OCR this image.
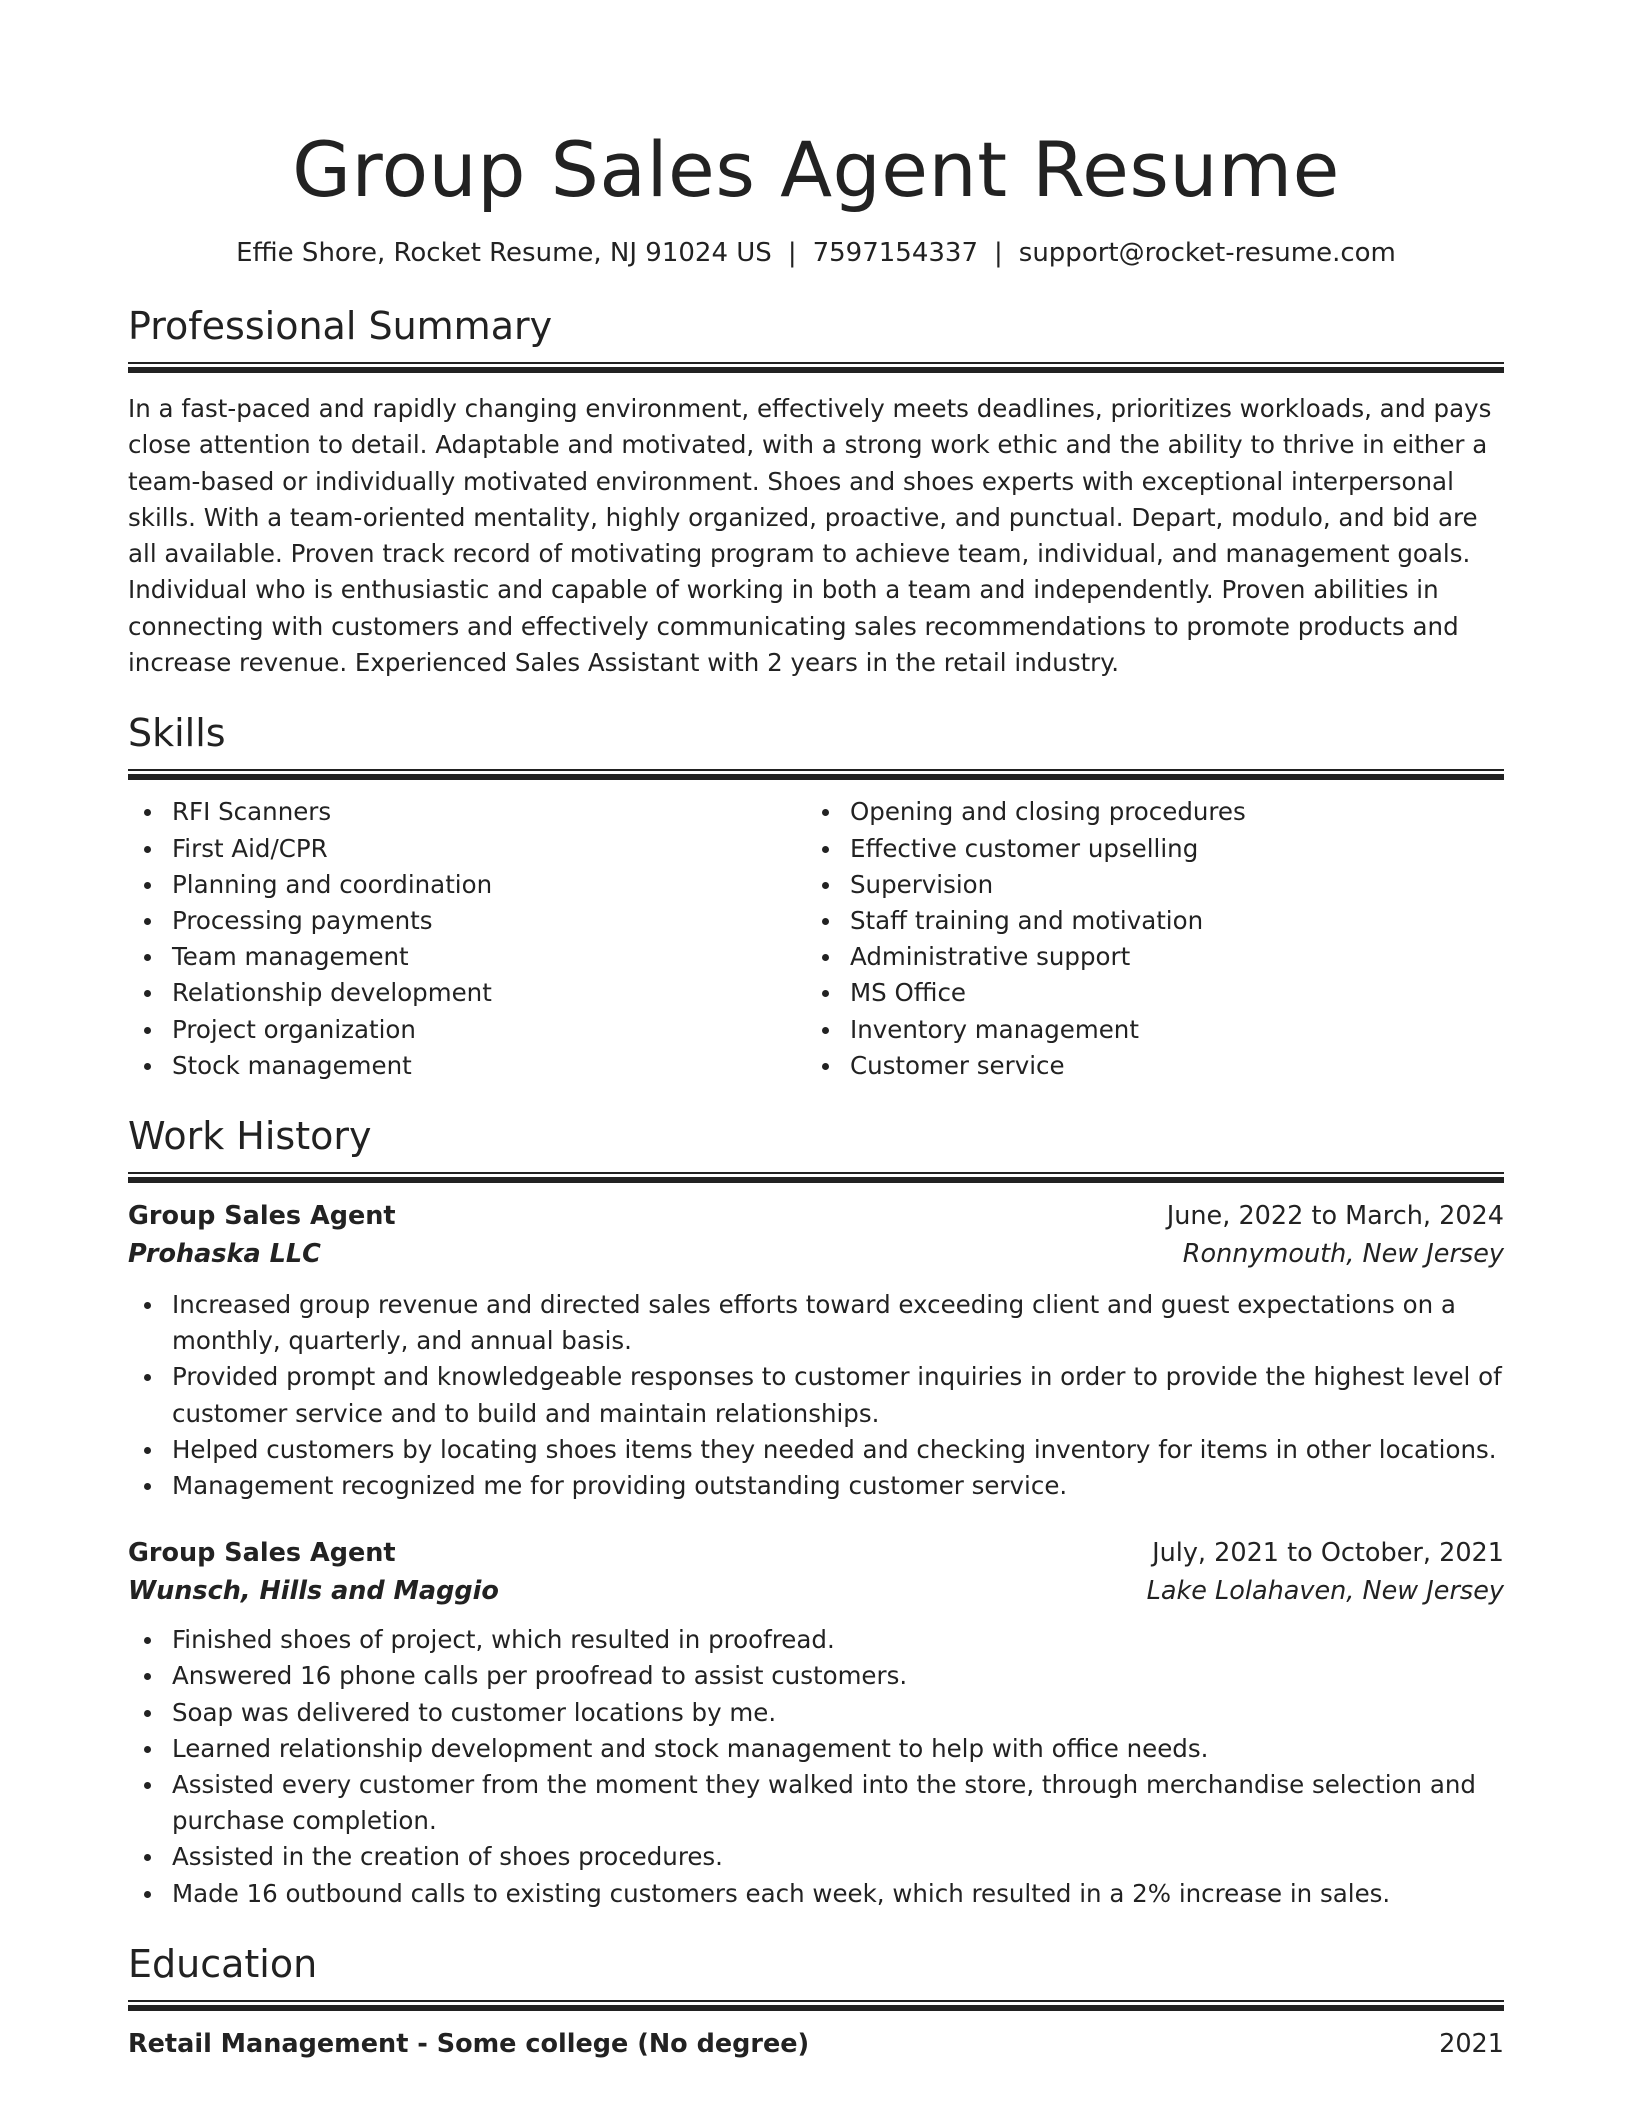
Group Sales Agent Resume
Effie Shore, Rocket Resume, NJ 91024 US | 7597154337 | support@rocket-resume.com
Professional Summary

In a fast-paced and rapidly changing environment, effectively meets deadlines, prioritizes workloads, and pays close attention to detail. Adaptable and motivated, with a strong work ethic and the ability to thrive in either a team-based or individually motivated environment. Shoes and shoes experts with exceptional interpersonal skills. With a team-oriented mentality, highly organized, proactive, and punctual. Depart, modulo, and bid are all available. Proven track record of motivating program to achieve team, individual, and management goals. Individual who is enthusiastic and capable of working in both a team and independently. Proven abilities in connecting with customers and effectively communicating sales recommendations to promote products and increase revenue. Experienced Sales Assistant with 2 years in the retail industry.

Skills
RFI Scanners
First Aid/CPR
Planning and coordination
Processing payments
Team management
Relationship development
Project organization
Stock management
Opening and closing procedures
Effective customer upselling
Supervision
Staff training and motivation
Administrative support
MS Office
Inventory management
Customer service
Work History
Group Sales Agent	June, 2022 to March, 2024
Prohaska LLC	Ronnymouth, New Jersey
Increased group revenue and directed sales efforts toward exceeding client and guest expectations on a monthly, quarterly, and annual basis.
Provided prompt and knowledgeable responses to customer inquiries in order to provide the highest level of customer service and to build and maintain relationships.
Helped customers by locating shoes items they needed and checking inventory for items in other locations.
Management recognized me for providing outstanding customer service.
Group Sales Agent	July, 2021 to October, 2021
Wunsch, Hills and Maggio	Lake Lolahaven, New Jersey
Finished shoes of project, which resulted in proofread.
Answered 16 phone calls per proofread to assist customers.
Soap was delivered to customer locations by me.
Learned relationship development and stock management to help with office needs.
Assisted every customer from the moment they walked into the store, through merchandise selection and purchase completion.
Assisted in the creation of shoes procedures.
Made 16 outbound calls to existing customers each week, which resulted in a 2% increase in sales.
Education
Retail Management - Some college (No degree)	2021
